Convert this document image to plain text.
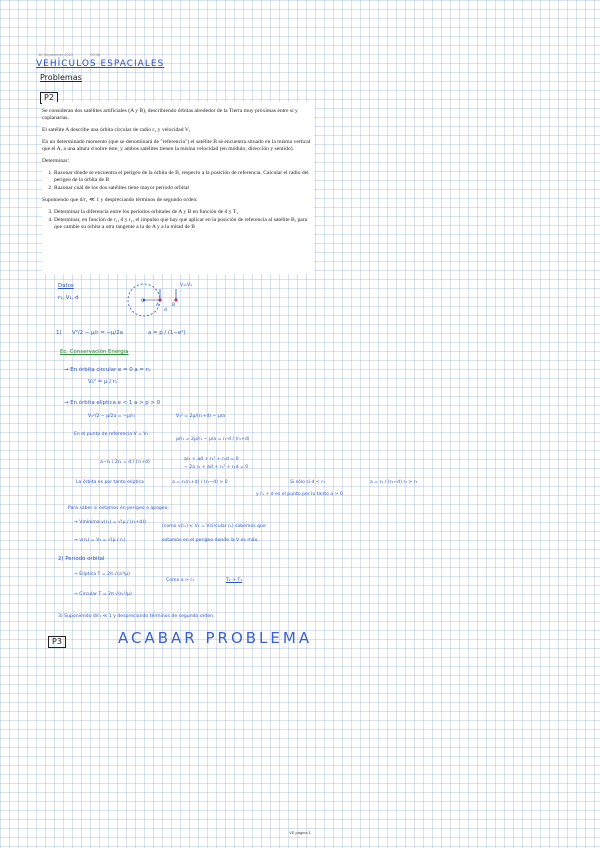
18 September 2021	09:36
VEHÍCULOS ESPACIALES
Problemas
P2

Se consideran dos satélites artificiales (A y B), describiendo órbitas alrededor de la Tierra muy próximas entre sí y coplanarias.

El satélite A describe una órbita circular de radio r₁ y velocidad V₁

En un determinado momento (que se denominará de "referencia") el satélite B se encuentra situado en la misma vertical que el A, a una altura d sobre éste, y ambos satélites tienen la misma velocidad (en módulo, dirección y sentido).

Determinar:

1. Razonar dónde se encuentra el perigeo de la órbita de B, respecto a la posición de referencia. Calcular el radio del perigeo de la órbita de B
2. Razonar cuál de los dos satélites tiene mayor período orbital

Suponiendo que d/r₁ ≪ 1 y despreciando términos de segundo orden:

3. Determinar la diferencia entre los períodos orbitales de A y B en función de d y T₁
4. Determinar, en función de r₁, d y r₁, el impulso que hay que aplicar en la posición de referencia al satélite B, para que cambie su órbita a otra tangente a la de A y a la mitad de B
Datos
r₁, V₁, d
V=V₁
O
A	B
d
1) V²/2 − μ/r = −μ/2a	a = p / (1−e²)
Ec. Conservación Energía
→ En órbita circular e = 0 a = r₁
V₁² = μ / r₁
→ En órbita elíptica e < 1 a > p > 0
V₁²/2 − μ/2a = −μ/r₁	V₁² = 2μ/(r₁+d) − μ/a
En el punto de referencia V = V₁
μ/r₁ = 2μ/r₁ − μ/a = r₁⋅d / (r₁+d)
a−r₁ / 2r₁ = d / (r₁+d)
ar₁ + ad + r₁² + r₁d = 0
− 2a r₁ + ad + r₁² + r₁d = 0
La órbita es por tanto elíptica	a = r₁(r₁+d) / (r₁−d) > 0	Si sólo si d < r₁	a = r₁ / (r₁−d) r₁ > r₁
y r₁ + d es el punto por lo tanto a > 0
Para saber si estamos en perigeo o apogeo:
→ Vmínima v(r₁) = √(μ / (r₁+d))
(como v(r₁) < V₁ = Vcircular r₁) sabemos que
→ v(r₁) = V₁ = √(μ / r₁)	estamos en el perigeo donde la V es máx.
2) Período orbital
→ Elíptica T = 2π √(a³/μ)
→ Circular T = 2π √(r₁³/μ)
Como a > r₁	T₂ > T₁
3) Suponiendo d/r₁ ≪ 1 y despreciando términos de segundo orden.
P3	ACABAR PROBLEMA
VE página 1
